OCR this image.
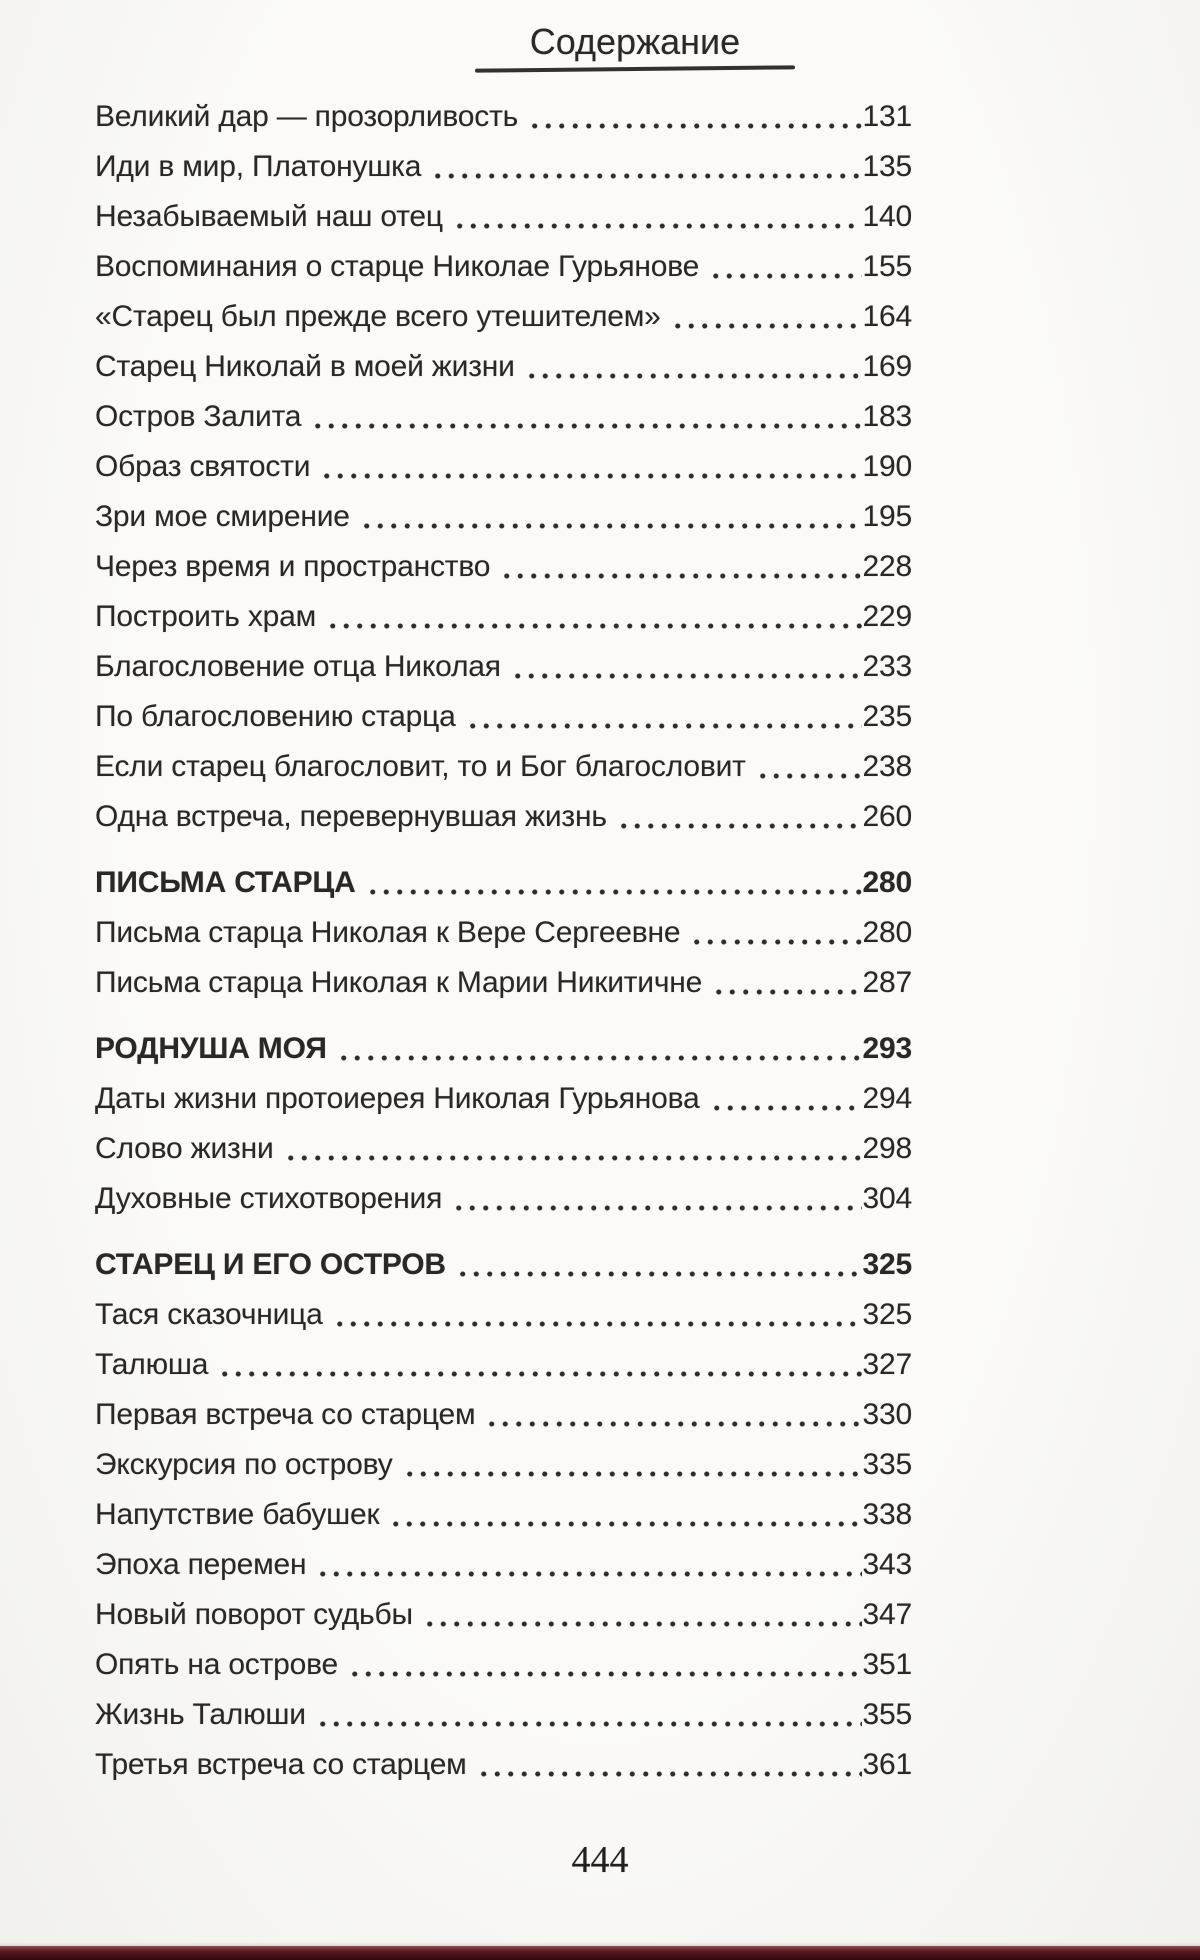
Содержание
Великий дар — прозорливость	131
Иди в мир, Платонушка	135
Незабываемый наш отец	140
Воспоминания о старце Николае Гурьянове	155
«Старец был прежде всего утешителем»	164
Старец Николай в моей жизни	169
Остров Залита	183
Образ святости	190
Зри мое смирение	195
Через время и пространство	228
Построить храм	229
Благословение отца Николая	233
По благословению старца	235
Если старец благословит, то и Бог благословит	238
Одна встреча, перевернувшая жизнь	260
ПИСЬМА СТАРЦА	280
Письма старца Николая к Вере Сергеевне	280
Письма старца Николая к Марии Никитичне	287
РОДНУША МОЯ	293
Даты жизни протоиерея Николая Гурьянова	294
Слово жизни	298
Духовные стихотворения	304
СТАРЕЦ И ЕГО ОСТРОВ	325
Тася сказочница	325
Талюша	327
Первая встреча со старцем	330
Экскурсия по острову	335
Напутствие бабушек	338
Эпоха перемен	343
Новый поворот судьбы	347
Опять на острове	351
Жизнь Талюши	355
Третья встреча со старцем	361
444
